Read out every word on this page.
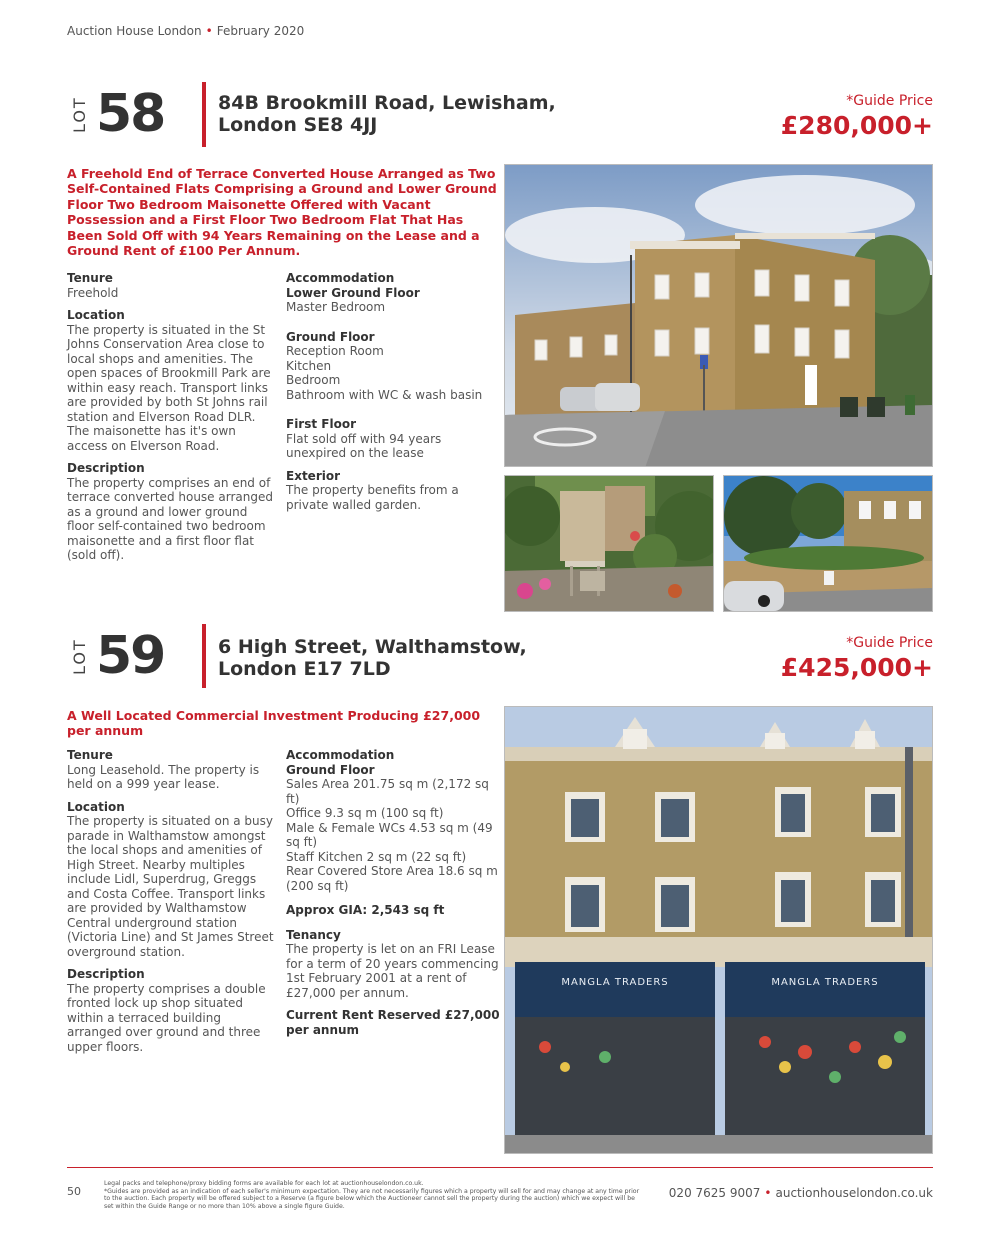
Auction House London • February 2020
LOT 58	84B Brookmill Road, Lewisham,
London SE8 4JJ
*Guide Price
£280,000+
A Freehold End of Terrace Converted House Arranged as Two Self-Contained Flats Comprising a Ground and Lower Ground Floor Two Bedroom Maisonette Offered with Vacant Possession and a First Floor Two Bedroom Flat That Has Been Sold Off with 94 Years Remaining on the Lease and a Ground Rent of £100 Per Annum.
Tenure
Freehold
Location
The property is situated in the St Johns Conservation Area close to local shops and amenities. The open spaces of Brookmill Park are within easy reach. Transport links are provided by both St Johns rail station and Elverson Road DLR. The maisonette has it's own access on Elverson Road.
Description
The property comprises an end of terrace converted house arranged as a ground and lower ground floor self-contained two bedroom maisonette and a first floor flat (sold off).
Accommodation
Lower Ground Floor
Master Bedroom
Ground Floor
Reception Room
Kitchen
Bedroom
Bathroom with WC & wash basin
First Floor
Flat sold off with 94 years unexpired on the lease
Exterior
The property benefits from a private walled garden.
LOT 59	6 High Street, Walthamstow,
London E17 7LD
*Guide Price
£425,000+
A Well Located Commercial Investment Producing £27,000 per annum
Tenure
Long Leasehold. The property is held on a 999 year lease.
Location
The property is situated on a busy parade in Walthamstow amongst the local shops and amenities of High Street. Nearby multiples include Lidl, Superdrug, Greggs and Costa Coffee. Transport links are provided by Walthamstow Central underground station (Victoria Line) and St James Street overground station.
Description
The property comprises a double fronted lock up shop situated within a terraced building arranged over ground and three upper floors.
Accommodation
Ground Floor
Sales Area 201.75 sq m (2,172 sq ft)
Office 9.3 sq m (100 sq ft)
Male & Female WCs 4.53 sq m (49 sq ft)
Staff Kitchen 2 sq m (22 sq ft)
Rear Covered Store Area 18.6 sq m (200 sq ft)
Approx GIA: 2,543 sq ft
Tenancy
The property is let on an FRI Lease for a term of 20 years commencing 1st February 2001 at a rent of £27,000 per annum.
Current Rent Reserved £27,000 per annum
MANGLA TRADERS	MANGLA TRADERS
50
Legal packs and telephone/proxy bidding forms are available for each lot at auctionhouselondon.co.uk.
*Guides are provided as an indication of each seller's minimum expectation. They are not necessarily figures which a property will sell for and may change at any time prior to the auction. Each property will be offered subject to a Reserve (a figure below which the Auctioneer cannot sell the property during the auction) which we expect will be set within the Guide Range or no more than 10% above a single figure Guide.
020 7625 9007 • auctionhouselondon.co.uk
